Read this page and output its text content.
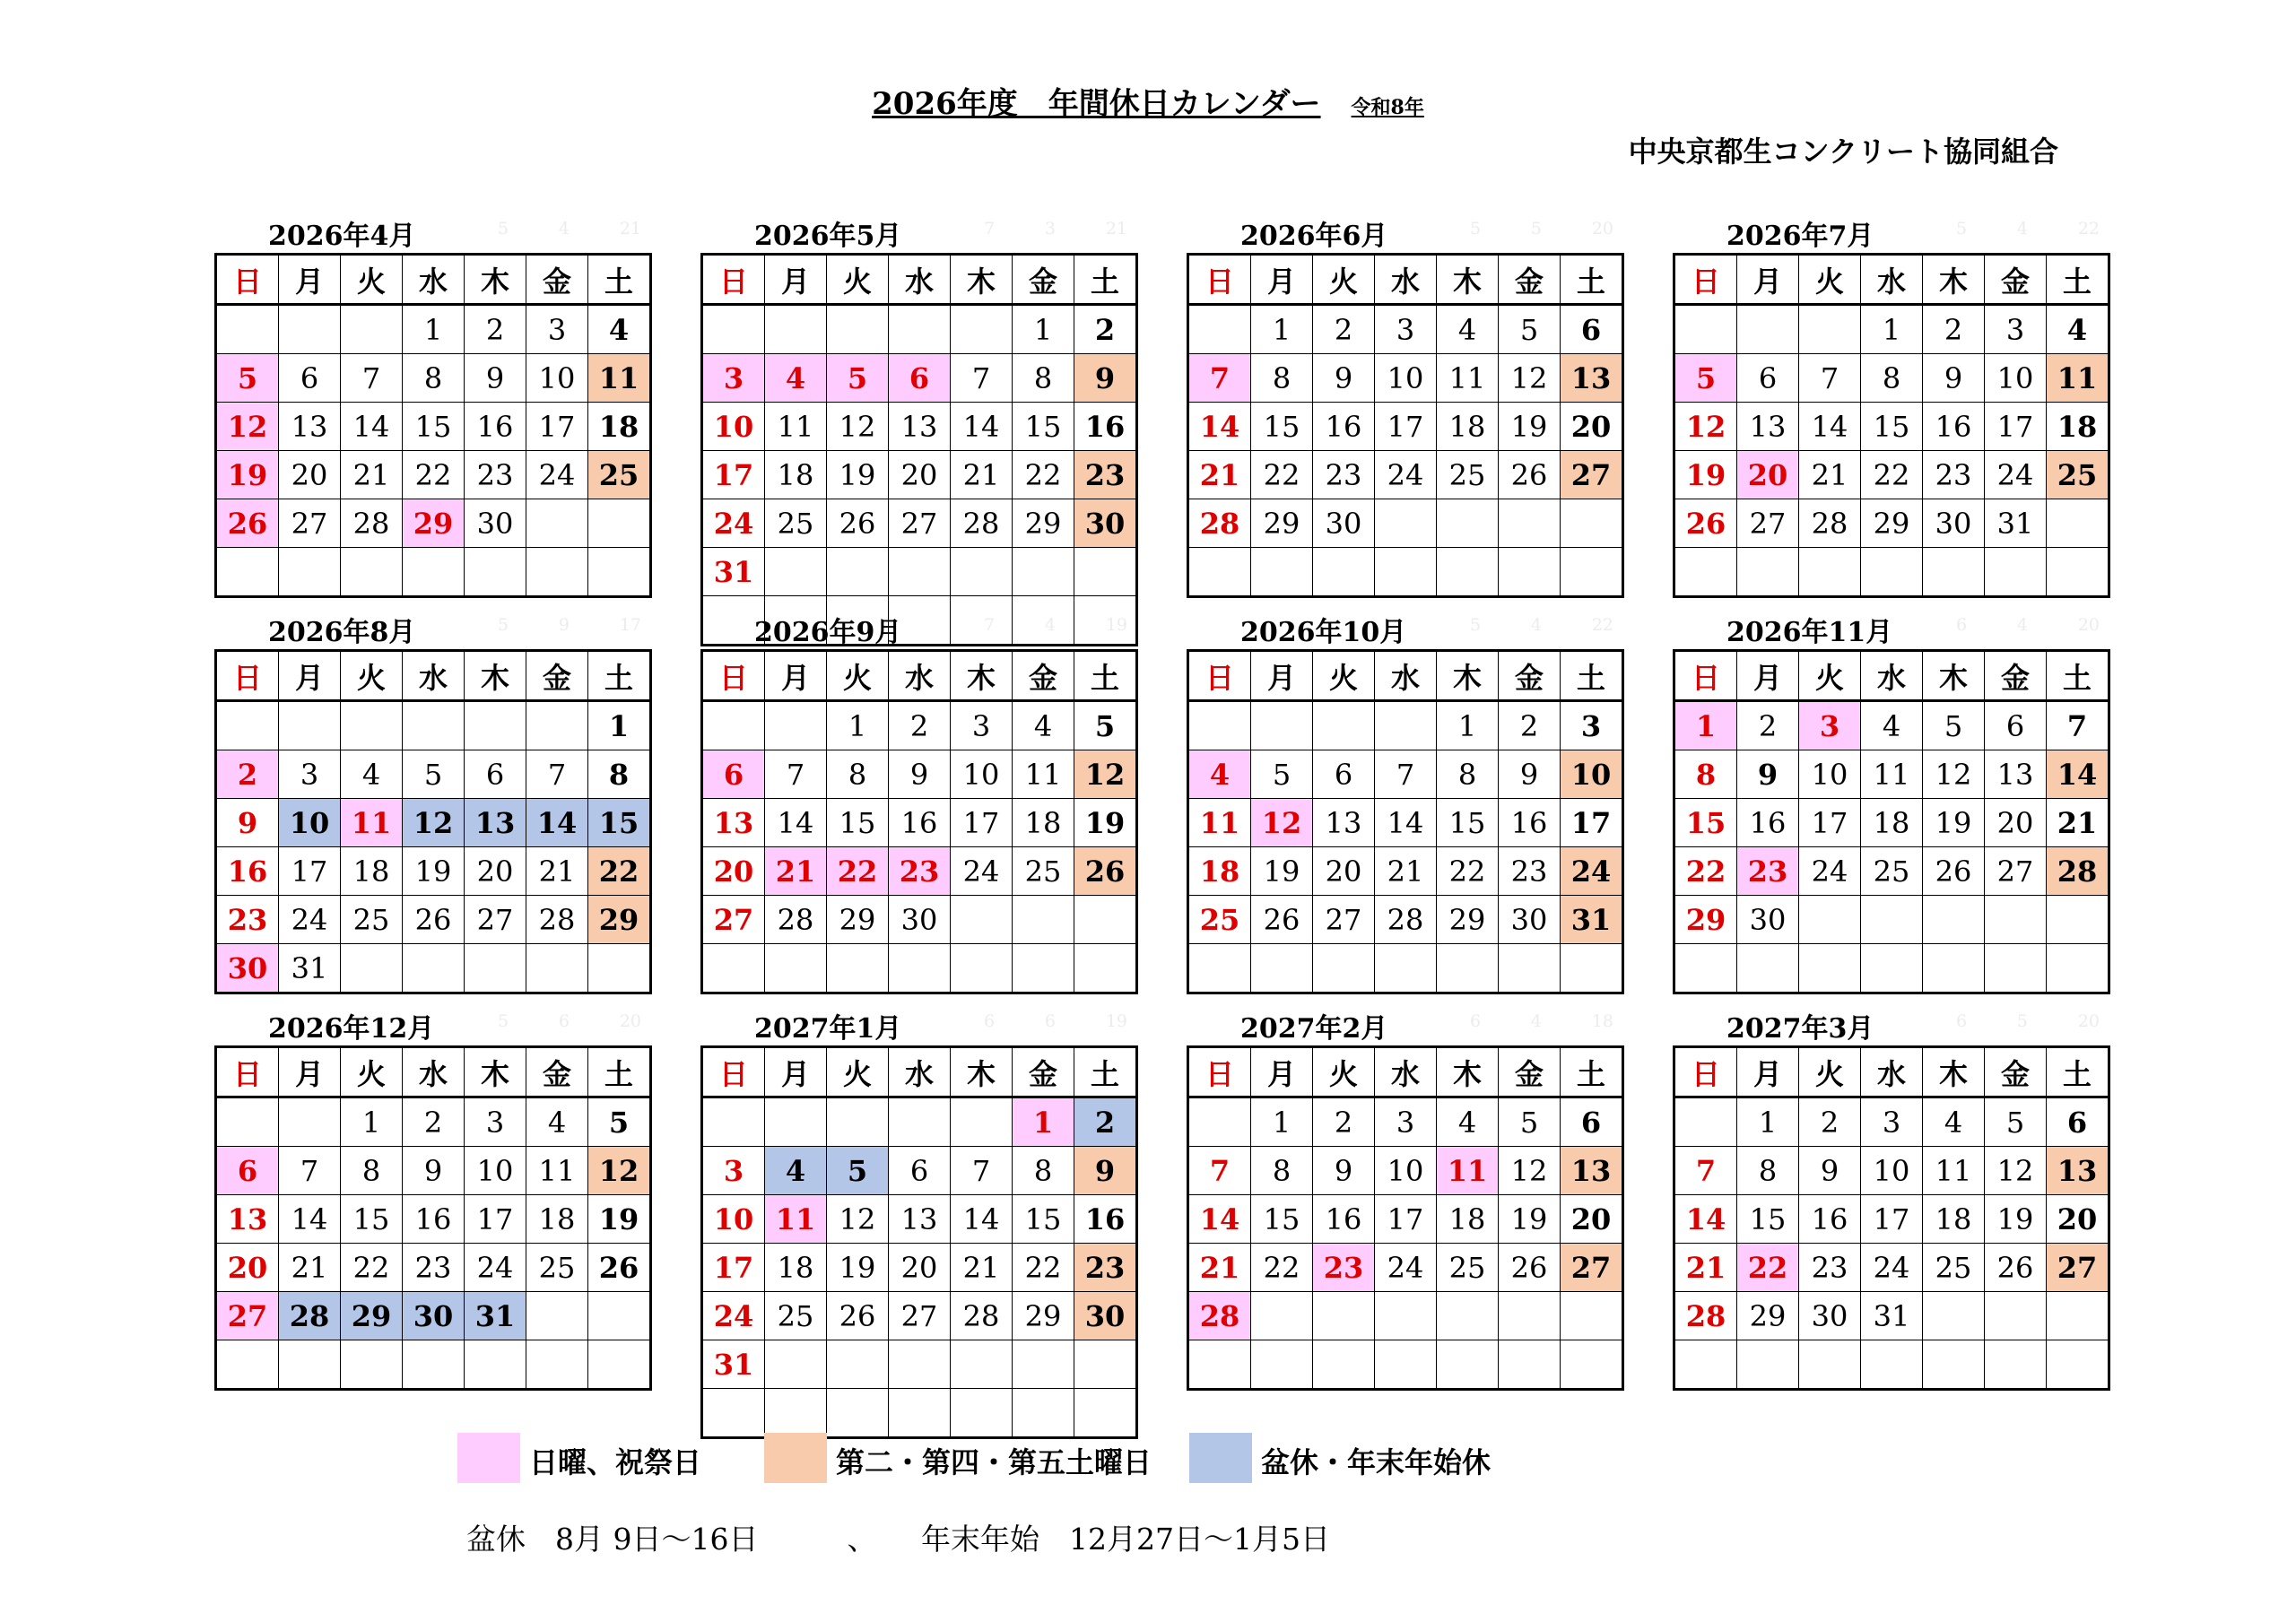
2026年度　年間休日カレンダー 令和8年
中央京都生コンクリート協同組合
2026年4月	5	4	21
日	月	火	水	木	金	土
			1	2	3	4
5	6	7	8	9	10	11
12	13	14	15	16	17	18
19	20	21	22	23	24	25
26	27	28	29	30		

2026年5月	7	3	21
日	月	火	水	木	金	土
					1	2
3	4	5	6	7	8	9
10	11	12	13	14	15	16
17	18	19	20	21	22	23
24	25	26	27	28	29	30
31						

2026年6月	5	5	20
日	月	火	水	木	金	土
	1	2	3	4	5	6
7	8	9	10	11	12	13
14	15	16	17	18	19	20
21	22	23	24	25	26	27
28	29	30				

2026年7月	5	4	22
日	月	火	水	木	金	土
			1	2	3	4
5	6	7	8	9	10	11
12	13	14	15	16	17	18
19	20	21	22	23	24	25
26	27	28	29	30	31	

2026年8月	5	9	17
日	月	火	水	木	金	土
						1
2	3	4	5	6	7	8
9	10	11	12	13	14	15
16	17	18	19	20	21	22
23	24	25	26	27	28	29
30	31					
2026年9月	7	4	19
日	月	火	水	木	金	土
		1	2	3	4	5
6	7	8	9	10	11	12
13	14	15	16	17	18	19
20	21	22	23	24	25	26
27	28	29	30			

2026年10月	5	4	22
日	月	火	水	木	金	土
				1	2	3
4	5	6	7	8	9	10
11	12	13	14	15	16	17
18	19	20	21	22	23	24
25	26	27	28	29	30	31

2026年11月	6	4	20
日	月	火	水	木	金	土
1	2	3	4	5	6	7
8	9	10	11	12	13	14
15	16	17	18	19	20	21
22	23	24	25	26	27	28
29	30					

2026年12月	5	6	20
日	月	火	水	木	金	土
		1	2	3	4	5
6	7	8	9	10	11	12
13	14	15	16	17	18	19
20	21	22	23	24	25	26
27	28	29	30	31		

2027年1月	6	6	19
日	月	火	水	木	金	土
					1	2
3	4	5	6	7	8	9
10	11	12	13	14	15	16
17	18	19	20	21	22	23
24	25	26	27	28	29	30
31						

2027年2月	6	4	18
日	月	火	水	木	金	土
	1	2	3	4	5	6
7	8	9	10	11	12	13
14	15	16	17	18	19	20
21	22	23	24	25	26	27
28						

2027年3月	6	5	20
日	月	火	水	木	金	土
	1	2	3	4	5	6
7	8	9	10	11	12	13
14	15	16	17	18	19	20
21	22	23	24	25	26	27
28	29	30	31			

日曜、祝祭日	第二・第四・第五土曜日	盆休・年末年始休
盆休　8月 9日～16日　　　、　　年末年始　12月27日～1月5日
